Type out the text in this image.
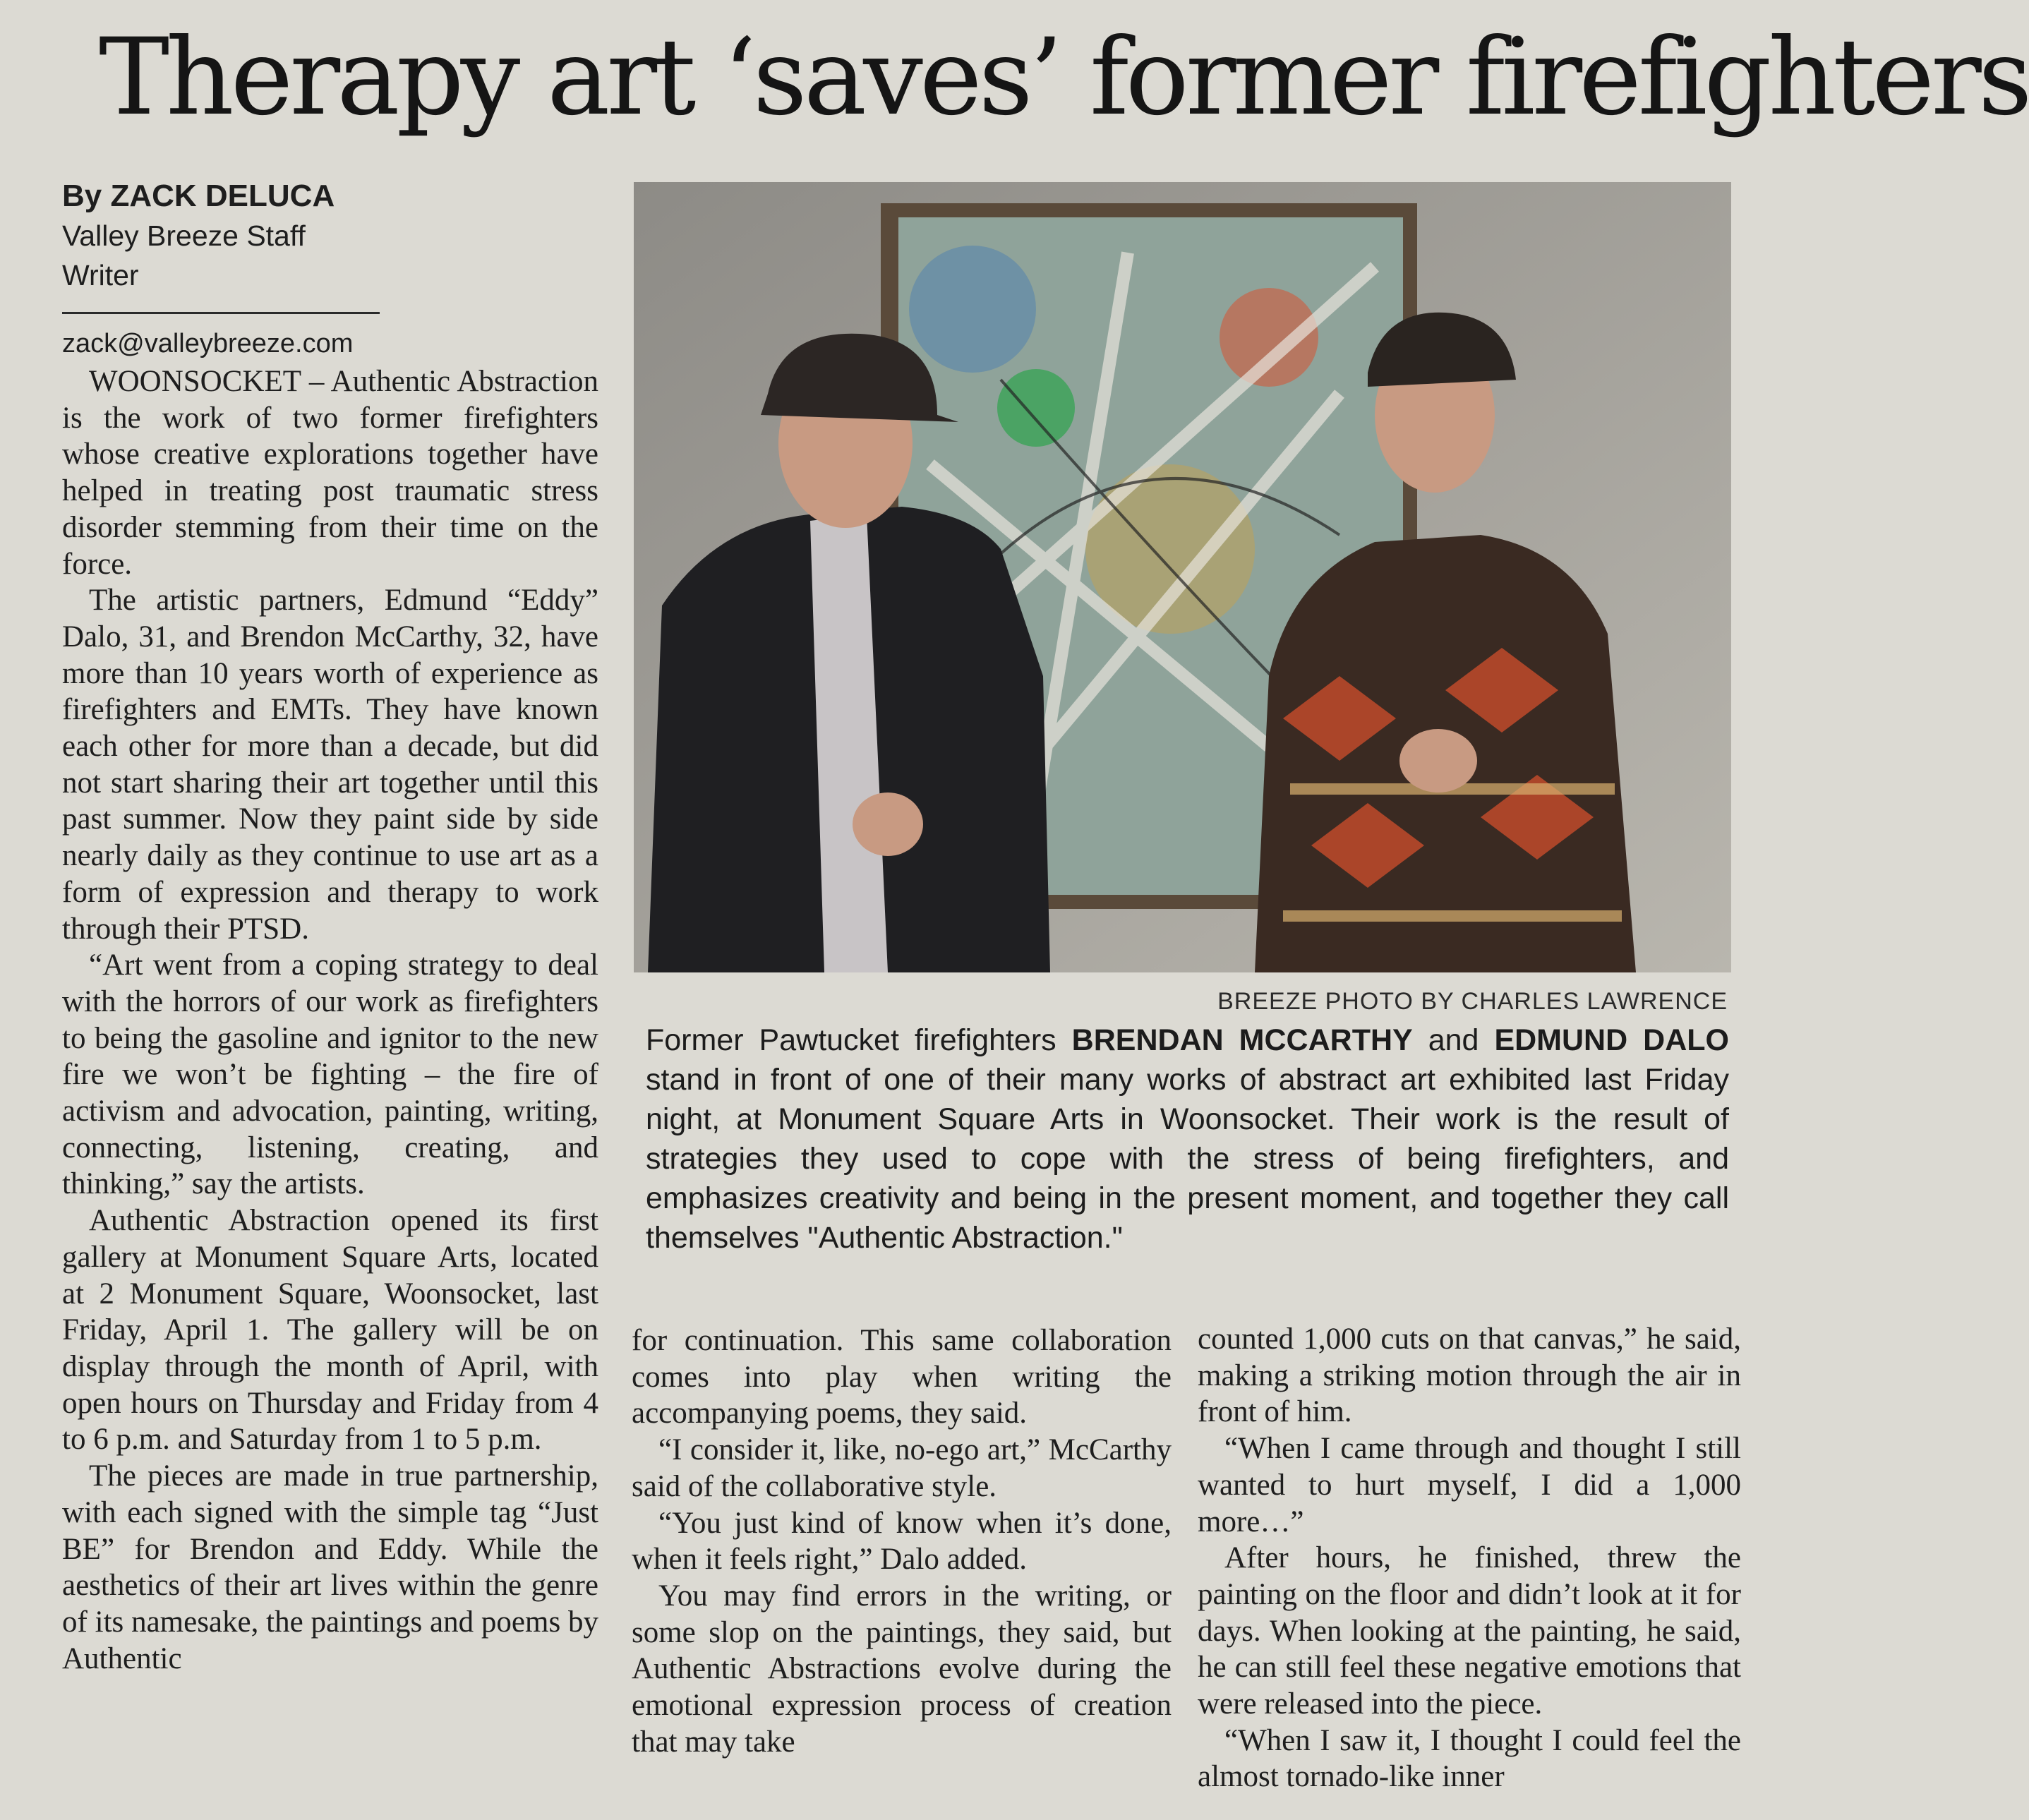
Therapy art ‘saves’ former firefighters
By ZACK DELUCA
Valley Breeze Staff Writer
zack@valleybreeze.com

WOONSOCKET – Authentic Abstraction is the work of two former firefighters whose creative explorations together have helped in treating post traumatic stress disorder stemming from their time on the force.

The artistic partners, Edmund “Eddy” Dalo, 31, and Brendon McCarthy, 32, have more than 10 years worth of experience as firefighters and EMTs. They have known each other for more than a decade, but did not start sharing their art together until this past summer. Now they paint side by side nearly daily as they continue to use art as a form of expression and therapy to work through their PTSD.

“Art went from a coping strategy to deal with the horrors of our work as firefighters to being the gasoline and ignitor to the new fire we won’t be fighting – the fire of activism and advocation, painting, writing, connecting, listening, creating, and thinking,” say the artists.

Authentic Abstraction opened its first gallery at Monument Square Arts, located at 2 Monument Square, Woonsocket, last Friday, April 1. The gallery will be on display through the month of April, with open hours on Thursday and Friday from 4 to 6 p.m. and Saturday from 1 to 5 p.m.

The pieces are made in true partnership, with each signed with the simple tag “Just BE” for Brendon and Eddy. While the aesthetics of their art lives within the genre of its namesake, the paintings and poems by Authentic

BREEZE PHOTO BY CHARLES LAWRENCE
Former Pawtucket firefighters BRENDAN MCCARTHY and EDMUND DALO stand in front of one of their many works of abstract art exhibited last Friday night, at Monument Square Arts in Woonsocket. Their work is the result of strategies they used to cope with the stress of being firefighters, and emphasizes creativity and being in the present moment, and together they call themselves "Authentic Abstraction."

for continuation. This same collaboration comes into play when writing the accompanying poems, they said.

“I consider it, like, no-ego art,” McCarthy said of the collaborative style.

“You just kind of know when it’s done, when it feels right,” Dalo added.

You may find errors in the writing, or some slop on the paintings, they said, but Authentic Abstractions evolve during the emotional expression process of creation that may take

counted 1,000 cuts on that canvas,” he said, making a striking motion through the air in front of him.

“When I came through and thought I still wanted to hurt myself, I did a 1,000 more…”

After hours, he finished, threw the painting on the floor and didn’t look at it for days. When looking at the painting, he said, he can still feel these negative emotions that were released into the piece.

“When I saw it, I thought I could feel the almost tornado-like inner
